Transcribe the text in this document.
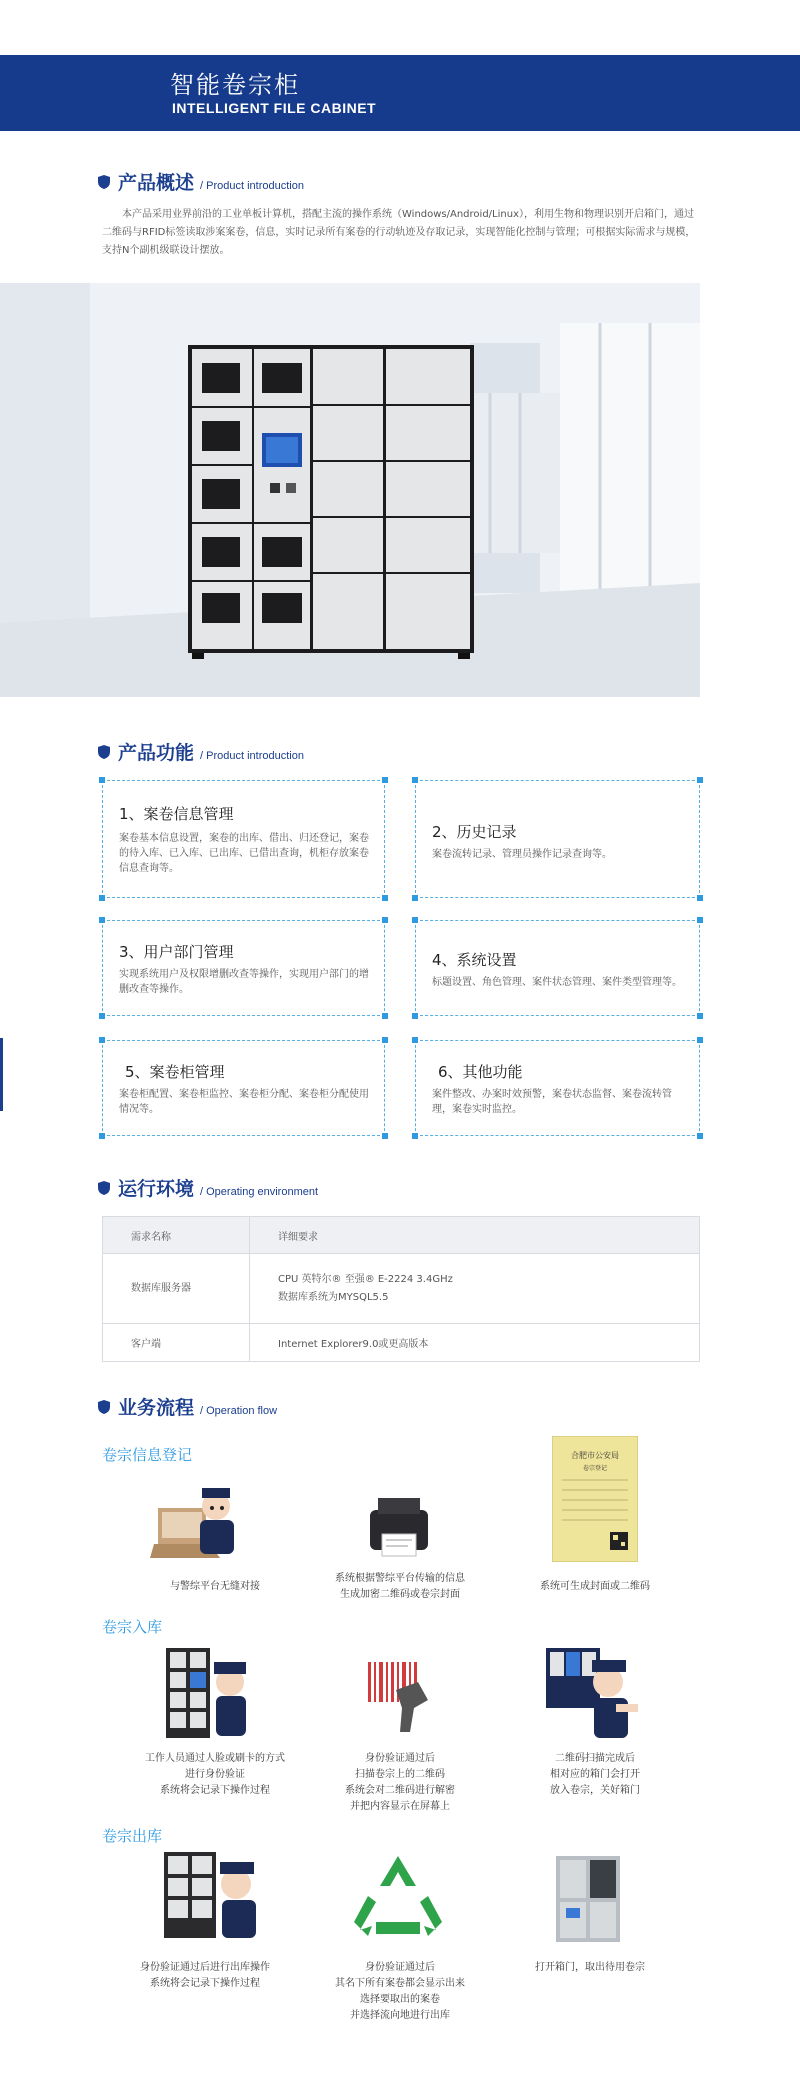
智能卷宗柜
INTELLIGENT FILE CABINET
产品概述 / Product introduction
本产品采用业界前沿的工业单板计算机，搭配主流的操作系统（Windows/Android/Linux），利用生物和物理识别开启箱门，通过二维码与RFID标签读取涉案案卷，信息，实时记录所有案卷的行动轨迹及存取记录，实现智能化控制与管理；可根据实际需求与规模，支持N个副机级联设计摆放。
产品功能 / Product introduction
1、案卷信息管理
案卷基本信息设置，案卷的出库、借出、归还登记，案卷的待入库、已入库、已出库、已借出查询，机柜存放案卷信息查询等。
2、历史记录
案卷流转记录、管理员操作记录查询等。
3、用户部门管理
实现系统用户及权限增删改查等操作，实现用户部门的增删改查等操作。
4、系统设置
标题设置、角色管理、案件状态管理、案件类型管理等。
5、案卷柜管理
案卷柜配置、案卷柜监控、案卷柜分配、案卷柜分配使用情况等。
6、其他功能
案件整改、办案时效预警，案卷状态监督、案卷流转管理，案卷实时监控。
运行环境 / Operating environment
需求名称	详细要求
数据库服务器	CPU 英特尔® 至强® E-2224 3.4GHz
数据库系统为MYSQL5.5

客户端	Internet Explorer9.0或更高版本
业务流程 / Operation flow
卷宗信息登记	合肥市公安局
卷宗登记
与警综平台无缝对接
系统根据警综平台传输的信息
生成加密二维码或卷宗封面
系统可生成封面或二维码
卷宗入库
工作人员通过人脸或刷卡的方式
进行身份验证
系统将会记录下操作过程
身份验证通过后
扫描卷宗上的二维码
系统会对二维码进行解密
并把内容显示在屏幕上
二维码扫描完成后
相对应的箱门会打开
放入卷宗，关好箱门
卷宗出库
身份验证通过后进行出库操作
系统将会记录下操作过程
身份验证通过后
其名下所有案卷都会显示出来
选择要取出的案卷
并选择流向地进行出库
打开箱门，取出待用卷宗
